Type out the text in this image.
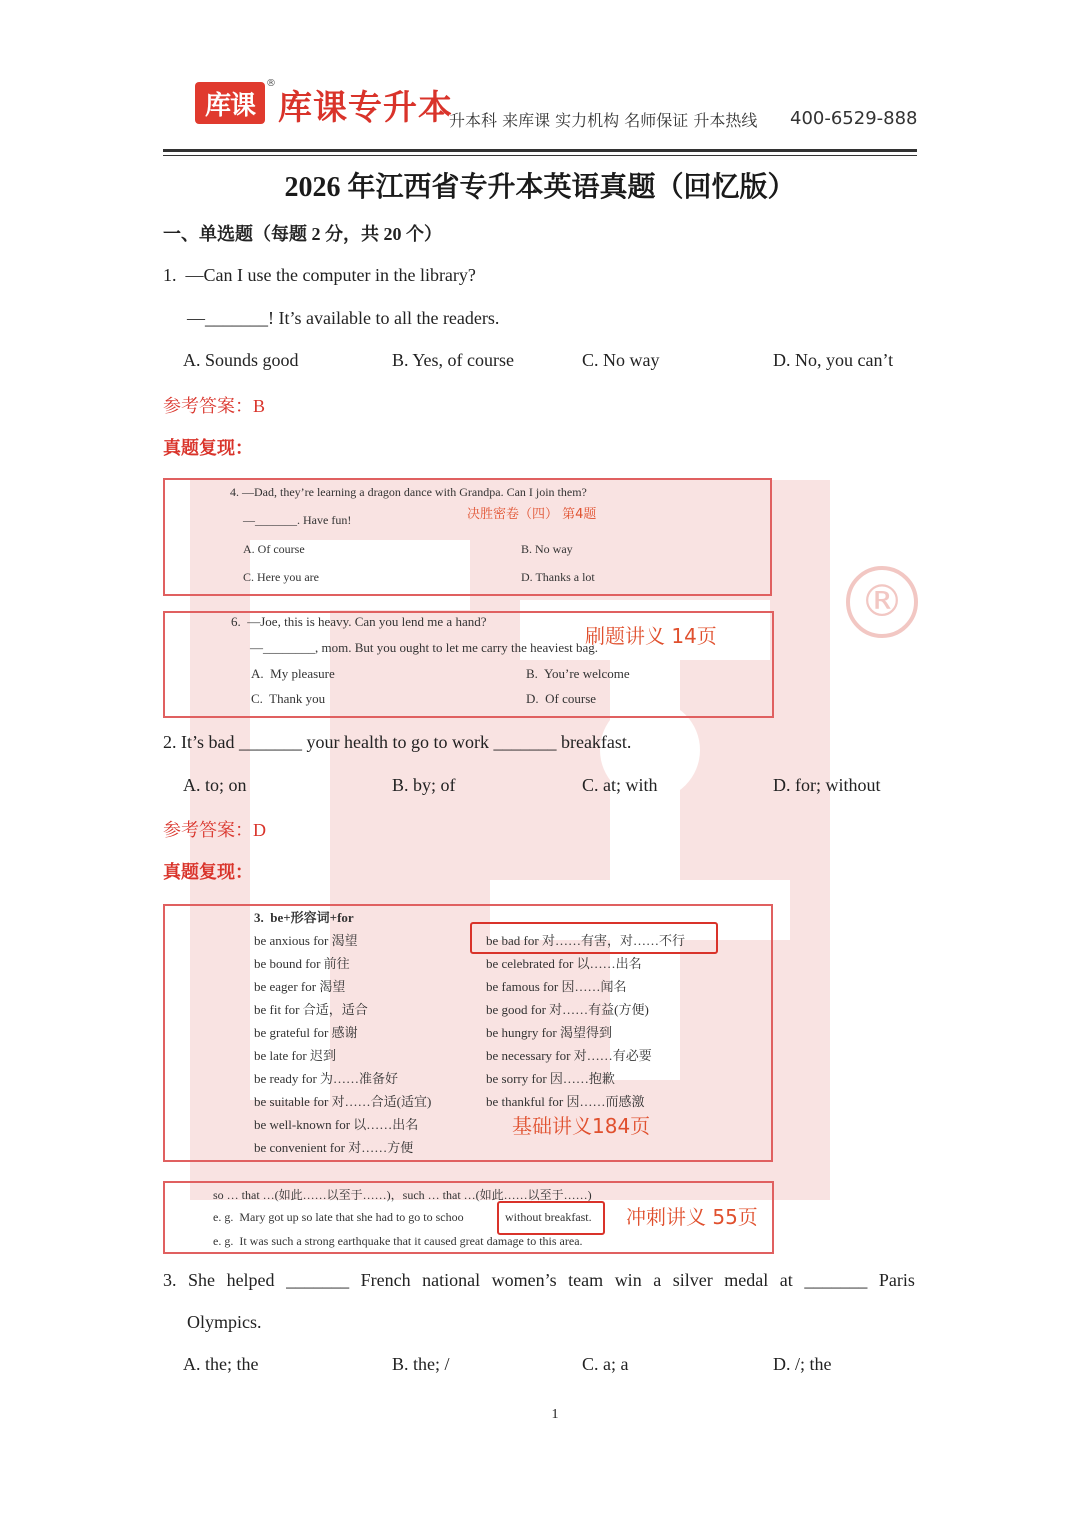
®
库课
®
库课专升本
升本科 来库课 实力机构 名师保证 升本热线 400-6529-888
2026 年江西省专升本英语真题（回忆版）
一、单选题（每题 2 分，共 20 个）
1.  —Can I use the computer in the library?
—_______! It’s available to all the readers.
A. Sounds good	B. Yes, of course	C. No way	D. No, you can’t
参考答案：B
真题复现：
4. —Dad, they’re learning a dragon dance with Grandpa. Can I join them?
—_______. Have fun!	决胜密卷（四） 第4题
A. Of course	B. No way
C. Here you are	D. Thanks a lot
6.  —Joe, this is heavy. Can you lend me a hand?
—________, mom. But you ought to let me carry the heaviest bag.
刷题讲义 14页
A.  My pleasure	B.  You’re welcome
C.  Thank you	D.  Of course
2. It’s bad _______ your health to go to work _______ breakfast.
A. to; on	B. by; of	C. at; with	D. for; without
参考答案：D
真题复现：
3.  be+形容词+for
be anxious for 渴望
be bound for 前往
be eager for 渴望
be fit for 合适，适合
be grateful for 感谢
be late for 迟到
be ready for 为……准备好
be suitable for 对……合适(适宜)
be well-known for 以……出名
be convenient for 对……方便
be bad for 对……有害，对……不行
be celebrated for 以……出名
be famous for 因……闻名
be good for 对……有益(方便)
be hungry for 渴望得到
be necessary for 对……有必要
be sorry for 因……抱歉
be thankful for 因……而感激
基础讲义184页
so … that …(如此……以至于……)，such … that …(如此……以至于……)
e. g.  Mary got up so late that she had to go to schoo	without breakfast.
e. g.  It was such a strong earthquake that it caused great damage to this area.
冲刺讲义 55页
3. She helped _______ French national women’s team win a silver medal at _______ Paris
Olympics.
A. the; the	B. the; /	C. a; a	D. /; the
1
